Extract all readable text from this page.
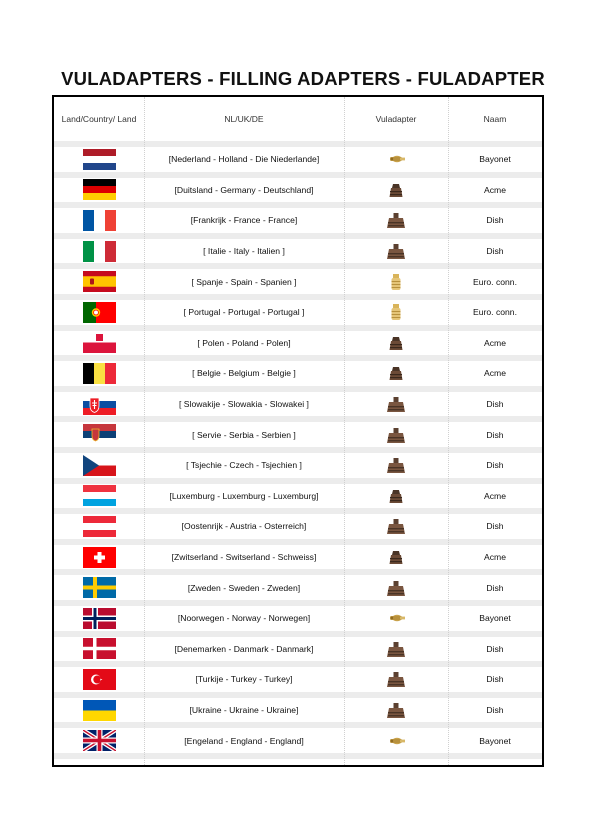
VULADAPTERS - FILLING ADAPTERS - FULADAPTER
Land/Country/ Land	NL/UK/DE	Vuladapter	Naam
[Nederland - Holland - Die Niederlande]	Bayonet
[Duitsland - Germany - Deutschland]	Acme
[Frankrijk - France - France]	Dish
[ Italie - Italy - Italien ]	Dish
[ Spanje - Spain - Spanien ]	Euro. conn.
[ Portugal - Portugal - Portugal ]	Euro. conn.
[ Polen - Poland - Polen]	Acme
[ Belgie - Belgium - Belgie ]	Acme
[ Slowakije - Slowakia - Slowakei ]	Dish
[ Servie - Serbia - Serbien ]	Dish
[ Tsjechie - Czech - Tsjechien ]	Dish
[Luxemburg - Luxemburg - Luxemburg]	Acme
[Oostenrijk - Austria - Osterreich]	Dish
[Zwitserland - Switserland - Schweiss]	Acme
[Zweden - Sweden - Zweden]	Dish
[Noorwegen - Norway - Norwegen]	Bayonet
[Denemarken - Danmark - Danmark]	Dish
[Turkije - Turkey - Turkey]	Dish
[Ukraine - Ukraine - Ukraine]	Dish
[Engeland - England - England]	Bayonet
